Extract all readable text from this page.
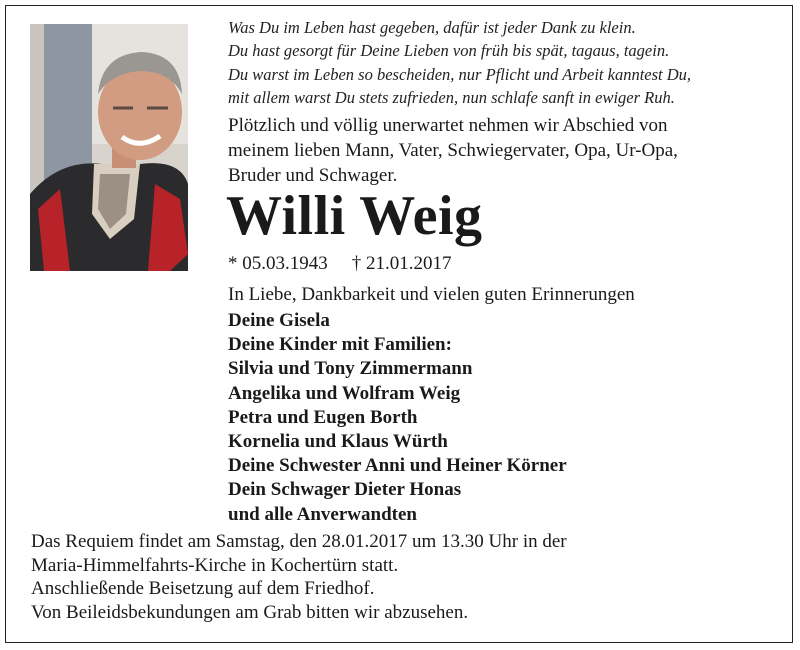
Was Du im Leben hast gegeben, dafür ist jeder Dank zu klein.
Du hast gesorgt für Deine Lieben von früh bis spät, tagaus, tagein.
Du warst im Leben so bescheiden, nur Pflicht und Arbeit kanntest Du,
mit allem warst Du stets zufrieden, nun schlafe sanft in ewiger Ruh.
Plötzlich und völlig unerwartet nehmen wir Abschied von
meinem lieben Mann, Vater, Schwiegervater, Opa, Ur-Opa,
Bruder und Schwager.
Willi Weig
* 05.03.1943 † 21.01.2017
In Liebe, Dankbarkeit und vielen guten Erinnerungen
Deine Gisela
Deine Kinder mit Familien:
Silvia und Tony Zimmermann
Angelika und Wolfram Weig
Petra und Eugen Borth
Kornelia und Klaus Würth
Deine Schwester Anni und Heiner Körner
Dein Schwager Dieter Honas
und alle Anverwandten
Das Requiem findet am Samstag, den 28.01.2017 um 13.30 Uhr in der
Maria-Himmelfahrts-Kirche in Kochertürn statt.
Anschließende Beisetzung auf dem Friedhof.
Von Beileidsbekundungen am Grab bitten wir abzusehen.
